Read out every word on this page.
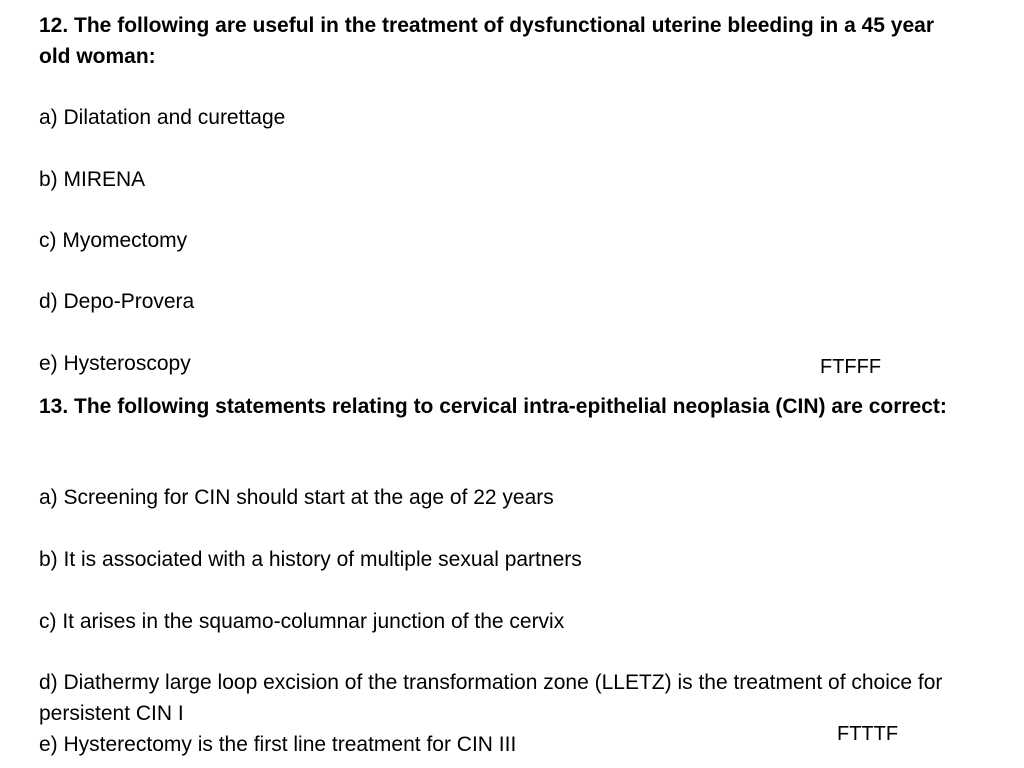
12. The following are useful in the treatment of dysfunctional uterine bleeding in a 45 year old woman:

a) Dilatation and curettage

b) MIRENA

c) Myomectomy

d) Depo-Provera

e) Hysteroscopy	FTFFF

13. The following statements relating to cervical intra-epithelial neoplasia (CIN) are correct:

a) Screening for CIN should start at the age of 22 years

b) It is associated with a history of multiple sexual partners

c) It arises in the squamo-columnar junction of the cervix

d) Diathermy large loop excision of the transformation zone (LLETZ) is the treatment of choice for persistent CIN I

e) Hysterectomy is the first line treatment for CIN III	FTTTF
